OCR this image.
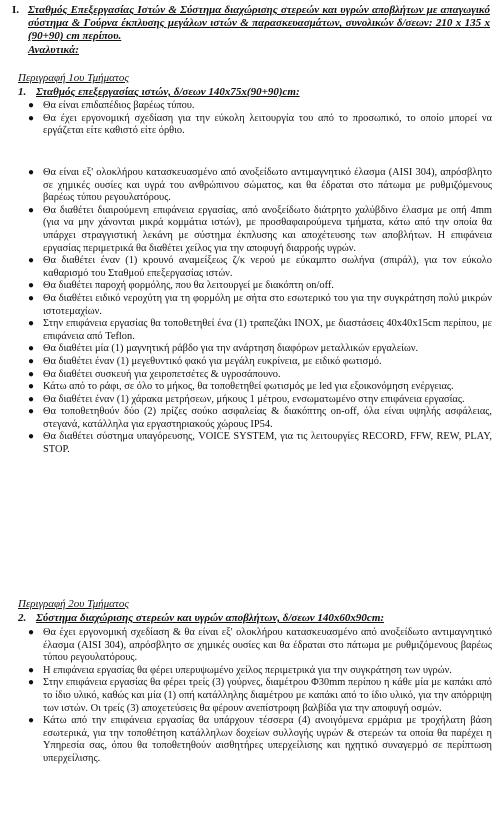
I. Σταθμός Επεξεργασίας Ιστών & Σύστημα διαχώρισης στερεών και υγρών αποβλήτων με απαγωγικό σύστημα & Γούρνα έκπλυσης μεγάλων ιστών & παρασκευασμάτων, συνολικών δ/σεων: 210 x 135 x (90+90) cm περίπου.
Αναλυτικά:
Περιγραφή 1ου Τμήματος
1. Σταθμός επεξεργασίας ιστών, δ/σεων 140x75x(90+90)cm:
● Θα είναι επιδαπέδιος βαρέως τύπου.
● Θα έχει εργονομική σχεδίαση για την εύκολη λειτουργία του από το προσωπικό, το οποίο μπορεί να εργάζεται είτε καθιστό είτε όρθιο.
● Θα είναι εξ' ολοκλήρου κατασκευασμένο από ανοξείδωτο αντιμαγνητικό έλασμα (AISI 304), απρόσβλητο σε χημικές ουσίες και υγρά του ανθρώπινου σώματος, και θα έδραται στο πάτωμα με ρυθμιζόμενους βαρέως τύπου ρεγουλατόρους.
● Θα διαθέτει διαιρούμενη επιφάνεια εργασίας, από ανοξείδωτο διάτρητο χαλύβδινο έλασμα με οπή 4mm (για να μην χάνονται μικρά κομμάτια ιστών), με προσθαφαιρούμενα τμήματα, κάτω από την οποία θα υπάρχει στραγγιστική λεκάνη με σύστημα έκπλυσης και αποχέτευσης των αποβλήτων. Η επιφάνεια εργασίας περιμετρικά θα διαθέτει χείλος για την αποφυγή διαρροής υγρών.
● Θα διαθέτει έναν (1) κρουνό αναμείξεως ζ/κ νερού με εύκαμπτο σωλήνα (σπιράλ), για τον εύκολο καθαρισμό του Σταθμού επεξεργασίας ιστών.
● Θα διαθέτει παροχή φορμόλης, που θα λειτουργεί με διακόπτη on/off.
● Θα διαθέτει ειδικό νεροχύτη για τη φορμόλη με σήτα στο εσωτερικό του για την συγκράτηση πολύ μικρών ιστοτεμαχίων.
● Στην επιφάνεια εργασίας θα τοποθετηθεί ένα (1) τραπεζάκι INOX, με διαστάσεις 40x40x15cm περίπου, με επιφάνεια από Teflon.
● Θα διαθέτει μία (1) μαγνητική ράβδο για την ανάρτηση διαφόρων μεταλλικών εργαλείων.
● Θα διαθέτει έναν (1) μεγεθυντικό φακό για μεγάλη ευκρίνεια, με ειδικό φωτισμό.
● Θα διαθέτει συσκευή για χειροπετσέτες & υγροσάπουνο.
● Κάτω από το ράφι, σε όλο το μήκος, θα τοποθετηθεί φωτισμός με led για εξοικονόμηση ενέργειας.
● Θα διαθέτει έναν (1) χάρακα μετρήσεων, μήκους 1 μέτρου, ενσωματωμένο στην επιφάνεια εργασίας.
● Θα τοποθετηθούν δύο (2) πρίζες σούκο ασφαλείας & διακόπτης on-off, όλα είναι υψηλής ασφάλειας, στεγανά, κατάλληλα για εργαστηριακούς χώρους IP54.
● Θα διαθέτει σύστημα υπαγόρευσης, VOICE SYSTEM, για τις λειτουργίες RECORD, FFW, REW, PLAY, STOP.
Περιγραφή 2ου Τμήματος
2. Σύστημα διαχώρισης στερεών και υγρών αποβλήτων, δ/σεων 140x60x90cm:
● Θα έχει εργονομική σχεδίαση & θα είναι εξ' ολοκλήρου κατασκευασμένο από ανοξείδωτο αντιμαγνητικό έλασμα (AISI 304), απρόσβλητο σε χημικές ουσίες και θα έδραται στο πάτωμα με ρυθμιζόμενους βαρέως τύπου ρεγουλατόρους.
● Η επιφάνεια εργασίας θα φέρει υπερυψωμένο χείλος περιμετρικά για την συγκράτηση των υγρών.
● Στην επιφάνεια εργασίας θα φέρει τρείς (3) γούρνες, διαμέτρου Φ30mm περίπου η κάθε μία με καπάκι από το ίδιο υλικό, καθώς και μία (1) οπή κατάλληλης διαμέτρου με καπάκι από το ίδιο υλικό, για την απόρριψη των ιστών. Οι τρείς (3) αποχετεύσεις θα φέρουν ανεπίστροφη βαλβίδα για την αποφυγή οσμών.
● Κάτω από την επιφάνεια εργασίας θα υπάρχουν τέσσερα (4) ανοιγόμενα ερμάρια με τροχήλατη βάση εσωτερικά, για την τοποθέτηση κατάλληλων δοχείων συλλογής υγρών & στερεών τα οποία θα παρέχει η Υπηρεσία σας, όπου θα τοποθετηθούν αισθητήρες υπερχείλισης και ηχητικό συναγερμό σε περίπτωση υπερχείλισης.
